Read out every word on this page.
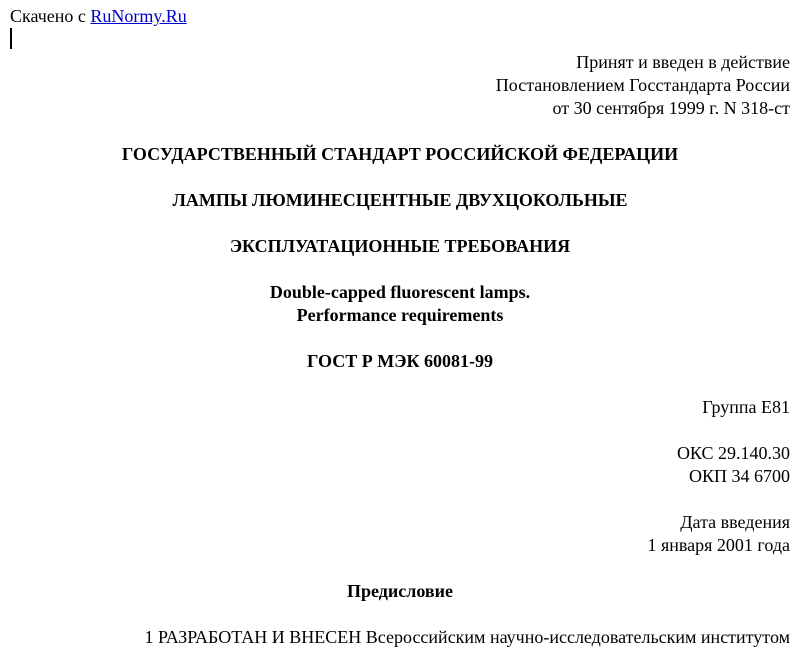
Скачено с RuNormy.Ru
Принят и введен в действие
Постановлением Госстандарта России
от 30 сентября 1999 г. N 318-ст
ГОСУДАРСТВЕННЫЙ СТАНДАРТ РОССИЙСКОЙ ФЕДЕРАЦИИ
ЛАМПЫ ЛЮМИНЕСЦЕНТНЫЕ ДВУХЦОКОЛЬНЫЕ
ЭКСПЛУАТАЦИОННЫЕ ТРЕБОВАНИЯ
Double-capped fluorescent lamps.
Performance requirements
ГОСТ Р МЭК 60081-99
Группа Е81
ОКС 29.140.30
ОКП 34 6700
Дата введения
1 января 2001 года
Предисловие
1 РАЗРАБОТАН И ВНЕСЕН Всероссийским научно-исследовательским институтом
